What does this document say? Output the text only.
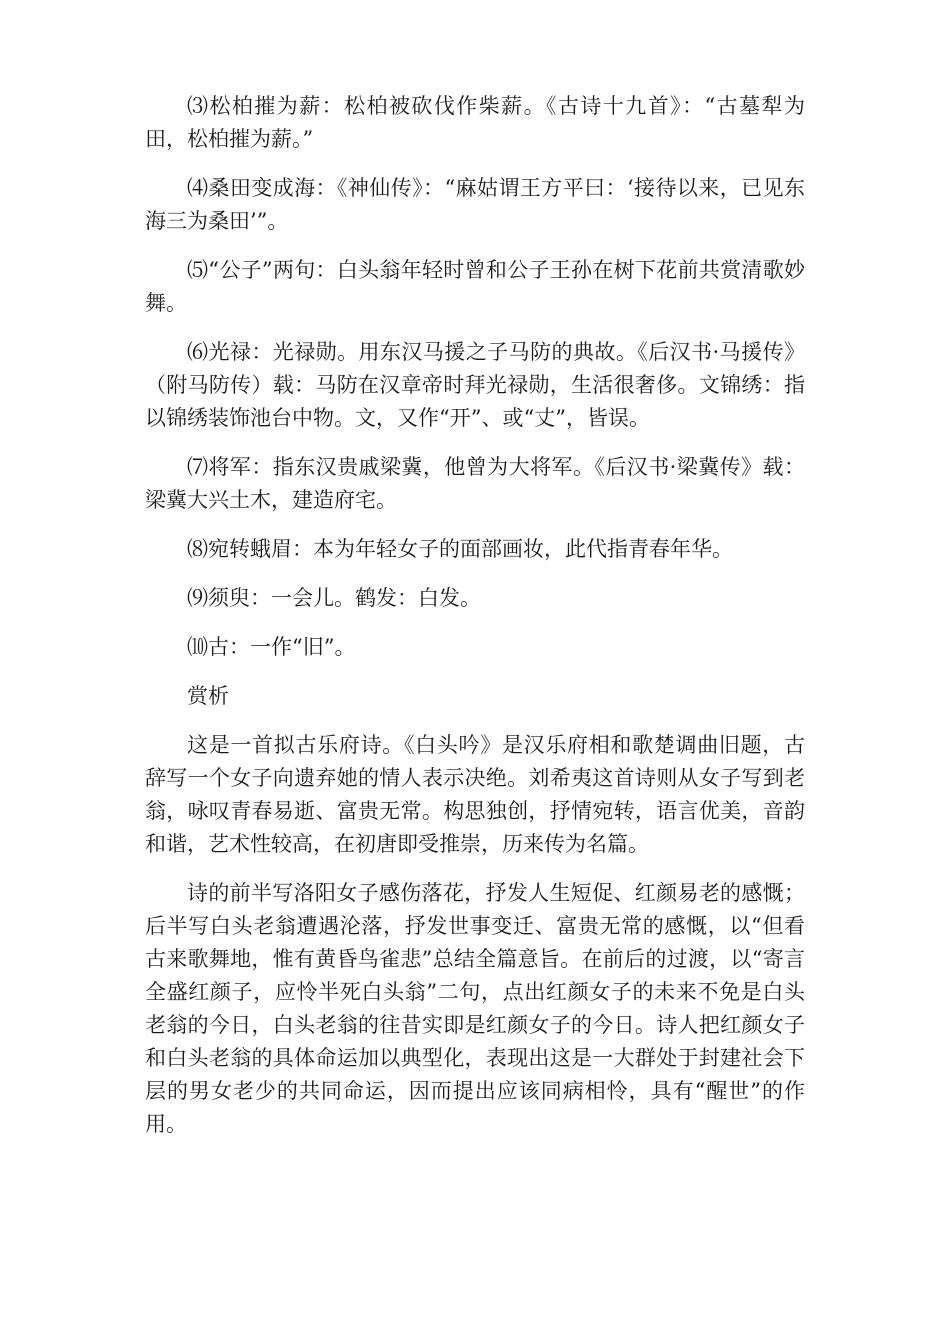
⑶松柏摧为薪：松柏被砍伐作柴薪。《古诗十九首》：“古墓犁为田，松柏摧为薪。”

⑷桑田变成海：《神仙传》：“麻姑谓王方平曰：‘接待以来，已见东海三为桑田’”。

⑸“公子”两句：白头翁年轻时曾和公子王孙在树下花前共赏清歌妙舞。

⑹光禄：光禄勋。用东汉马援之子马防的典故。《后汉书·马援传》（附马防传）载：马防在汉章帝时拜光禄勋，生活很奢侈。文锦绣：指以锦绣装饰池台中物。文，又作“开”、或“丈”，皆误。

⑺将军：指东汉贵戚梁冀，他曾为大将军。《后汉书·梁冀传》载：梁冀大兴土木，建造府宅。

⑻宛转蛾眉：本为年轻女子的面部画妆，此代指青春年华。

⑼须臾：一会儿。鹤发：白发。

⑽古：一作“旧”。

赏析

这是一首拟古乐府诗。《白头吟》是汉乐府相和歌楚调曲旧题，古辞写一个女子向遗弃她的情人表示决绝。刘希夷这首诗则从女子写到老翁，咏叹青春易逝、富贵无常。构思独创，抒情宛转，语言优美，音韵和谐，艺术性较高，在初唐即受推崇，历来传为名篇。

诗的前半写洛阳女子感伤落花，抒发人生短促、红颜易老的感慨；后半写白头老翁遭遇沦落，抒发世事变迁、富贵无常的感慨，以“但看古来歌舞地，惟有黄昏鸟雀悲”总结全篇意旨。在前后的过渡，以“寄言全盛红颜子，应怜半死白头翁”二句，点出红颜女子的未来不免是白头老翁的今日，白头老翁的往昔实即是红颜女子的今日。诗人把红颜女子和白头老翁的具体命运加以典型化，表现出这是一大群处于封建社会下层的男女老少的共同命运，因而提出应该同病相怜，具有“醒世”的作用。
